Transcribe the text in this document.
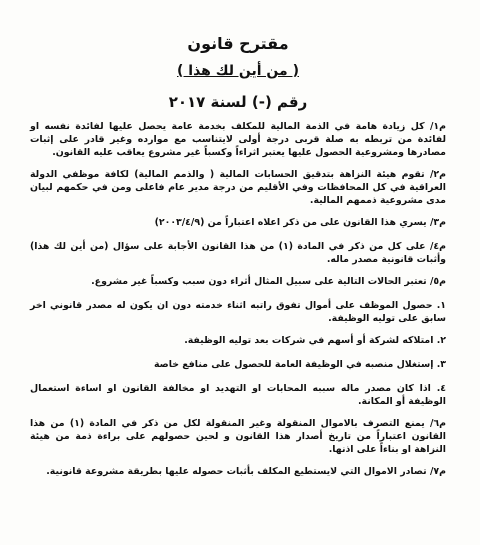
مقترح قانون
( من أين لك هذا )
رقم (-) لسنة ٢٠١٧

م١/ كل زيادة هامة في الذمة المالية للمكلف بخدمة عامة يحصل عليها لفائدة نفسه او لفائدة من تربطه به صلة قربى درجة أولى لايتناسب مع موارده وغير قادر على إثبات مصادرها ومشروعية الحصول عليها يعتبر اثراءاً وكسباً غير مشروع يعاقب عليه القانون.

م٢/ تقوم هيئة النزاهة بتدقيق الحسابات المالية ( والذمم المالية) لكافة موظفي الدولة العراقية في كل المحافظات وفي الأقليم من درجة مدير عام فاعلى ومن في حكمهم لبيان مدى مشروعية ذممهم المالية.

م٣/ يسري هذا القانون على من ذكر اعلاه اعتباراً من (٢٠٠٣/٤/٩)

م٤/ على كل من ذكر في المادة (١) من هذا القانون الأجابة على سؤال (من أين لك هذا) وأثبات قانونية مصدر ماله.

م٥/ تعتبر الحالات التالية على سبيل المثال أثراء دون سبب وكسباً غير مشروع.

١. حصول الموظف على أموال تفوق راتبه اثناء خدمته دون ان يكون له مصدر قانوني اخر سابق على توليه الوظيفة.

٢. امتلاكه لشركة أو أسهم في شركات بعد توليه الوظيفة.

٣. إستغلال منصبه في الوظيفة العامة للحصول على منافع خاصة

٤. اذا كان مصدر ماله سببه المحابات او التهديد او مخالفة القانون او اساءة استعمال الوظيفة أو المكانة.

م٦/ يمنع التصرف بالاموال المنقولة وغير المنقولة لكل من ذكر في المادة (١) من هذا القانون اعتباراً من تاريخ أصدار هذا القانون و لحين حصولهم على براءة ذمة من هيئة النزاهة او بناءاً على اذنها.

م٧/ تصادر الاموال التي لايستطيع المكلف بأثبات حصوله عليها بطريقة مشروعة قانونية.
